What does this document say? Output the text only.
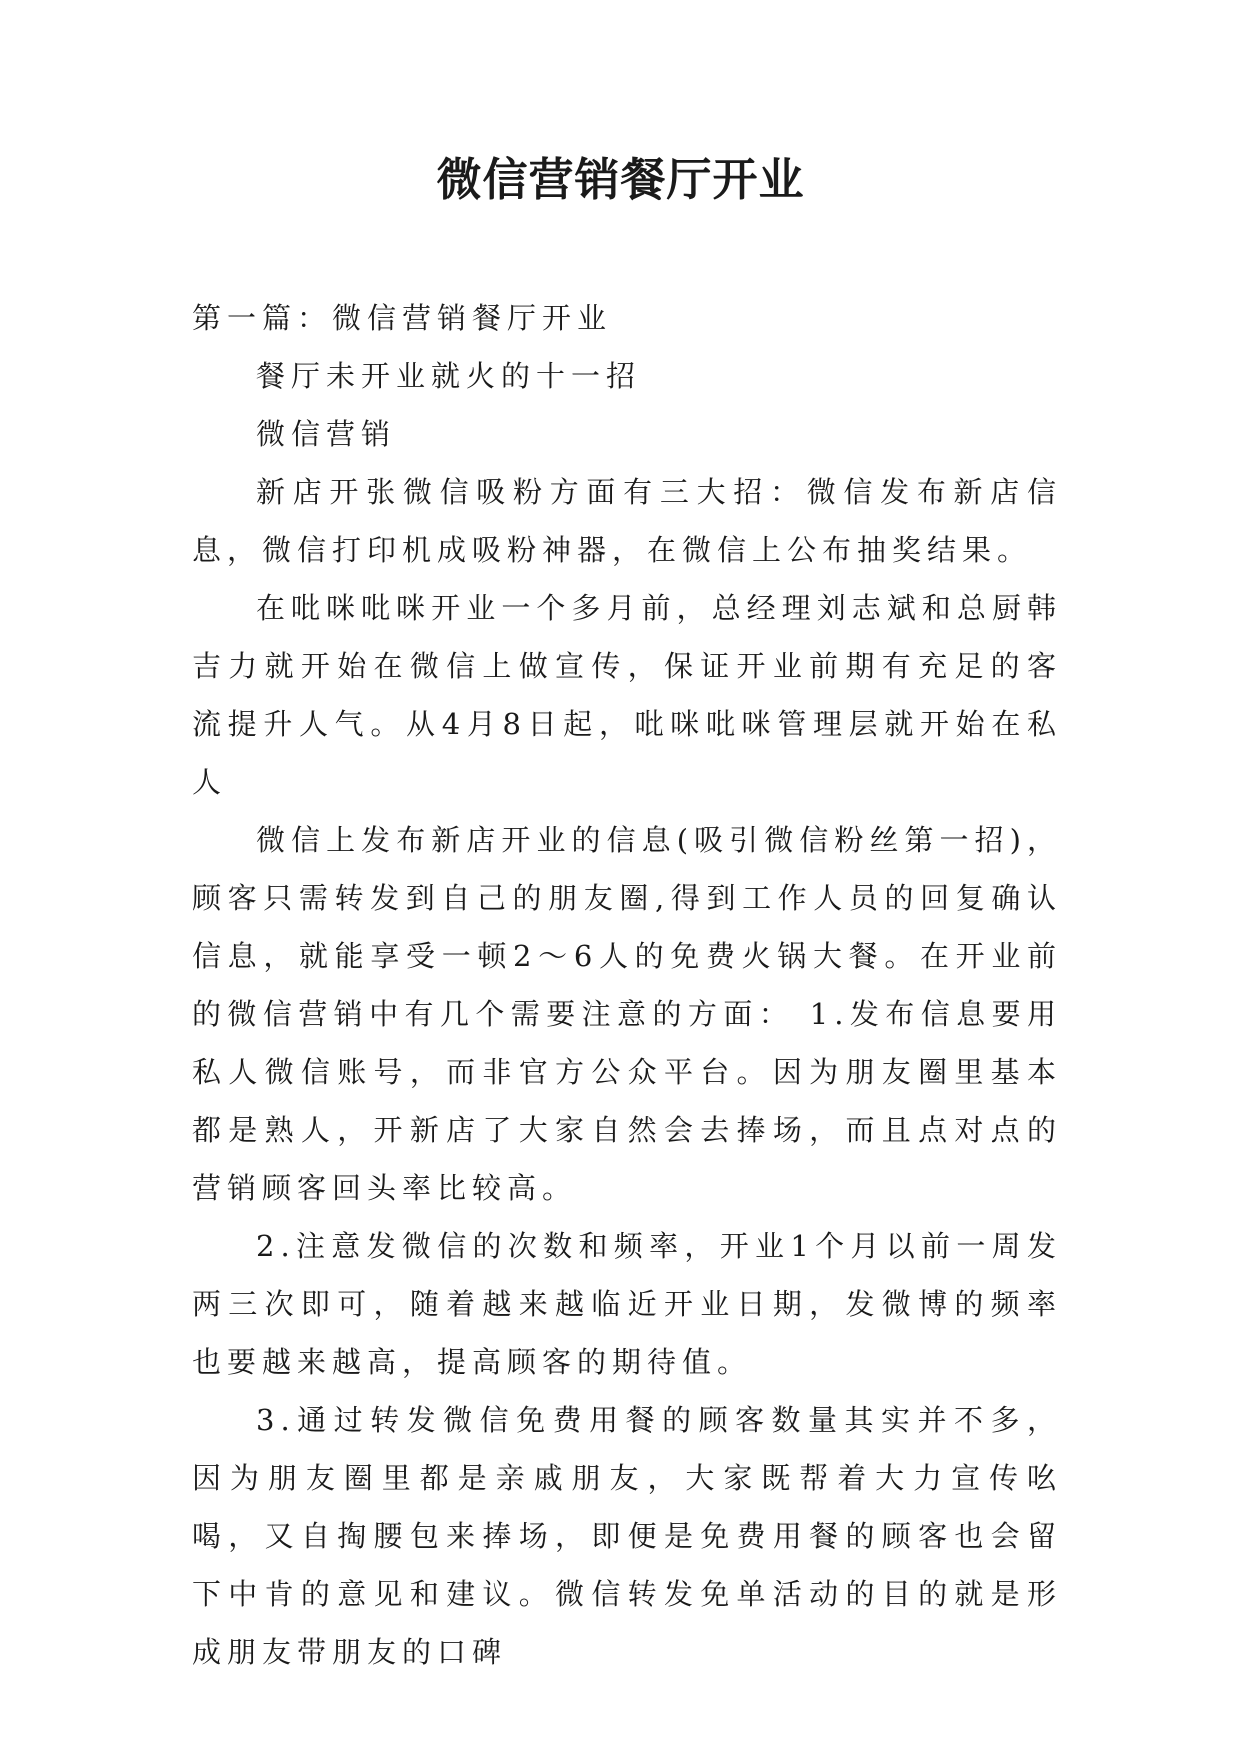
微信营销餐厅开业

第一篇：微信营销餐厅开业

餐厅未开业就火的十一招

微信营销

新店开张微信吸粉方面有三大招：微信发布新店信息，微信打印机成吸粉神器，在微信上公布抽奖结果。

在吡咪吡咪开业一个多月前，总经理刘志斌和总厨韩吉力就开始在微信上做宣传，保证开业前期有充足的客流提升人气。从4月8日起，吡咪吡咪管理层就开始在私人

微信上发布新店开业的信息(吸引微信粉丝第一招)，顾客只需转发到自己的朋友圈,得到工作人员的回复确认信息，就能享受一顿2～6人的免费火锅大餐。在开业前的微信营销中有几个需要注意的方面： 1.发布信息要用私人微信账号，而非官方公众平台。因为朋友圈里基本都是熟人，开新店了大家自然会去捧场，而且点对点的营销顾客回头率比较高。

2.注意发微信的次数和频率，开业1个月以前一周发两三次即可，随着越来越临近开业日期，发微博的频率也要越来越高，提高顾客的期待值。

3.通过转发微信免费用餐的顾客数量其实并不多，因为朋友圈里都是亲戚朋友，大家既帮着大力宣传吆喝，又自掏腰包来捧场，即便是免费用餐的顾客也会留下中肯的意见和建议。微信转发免单活动的目的就是形成朋友带朋友的口碑
